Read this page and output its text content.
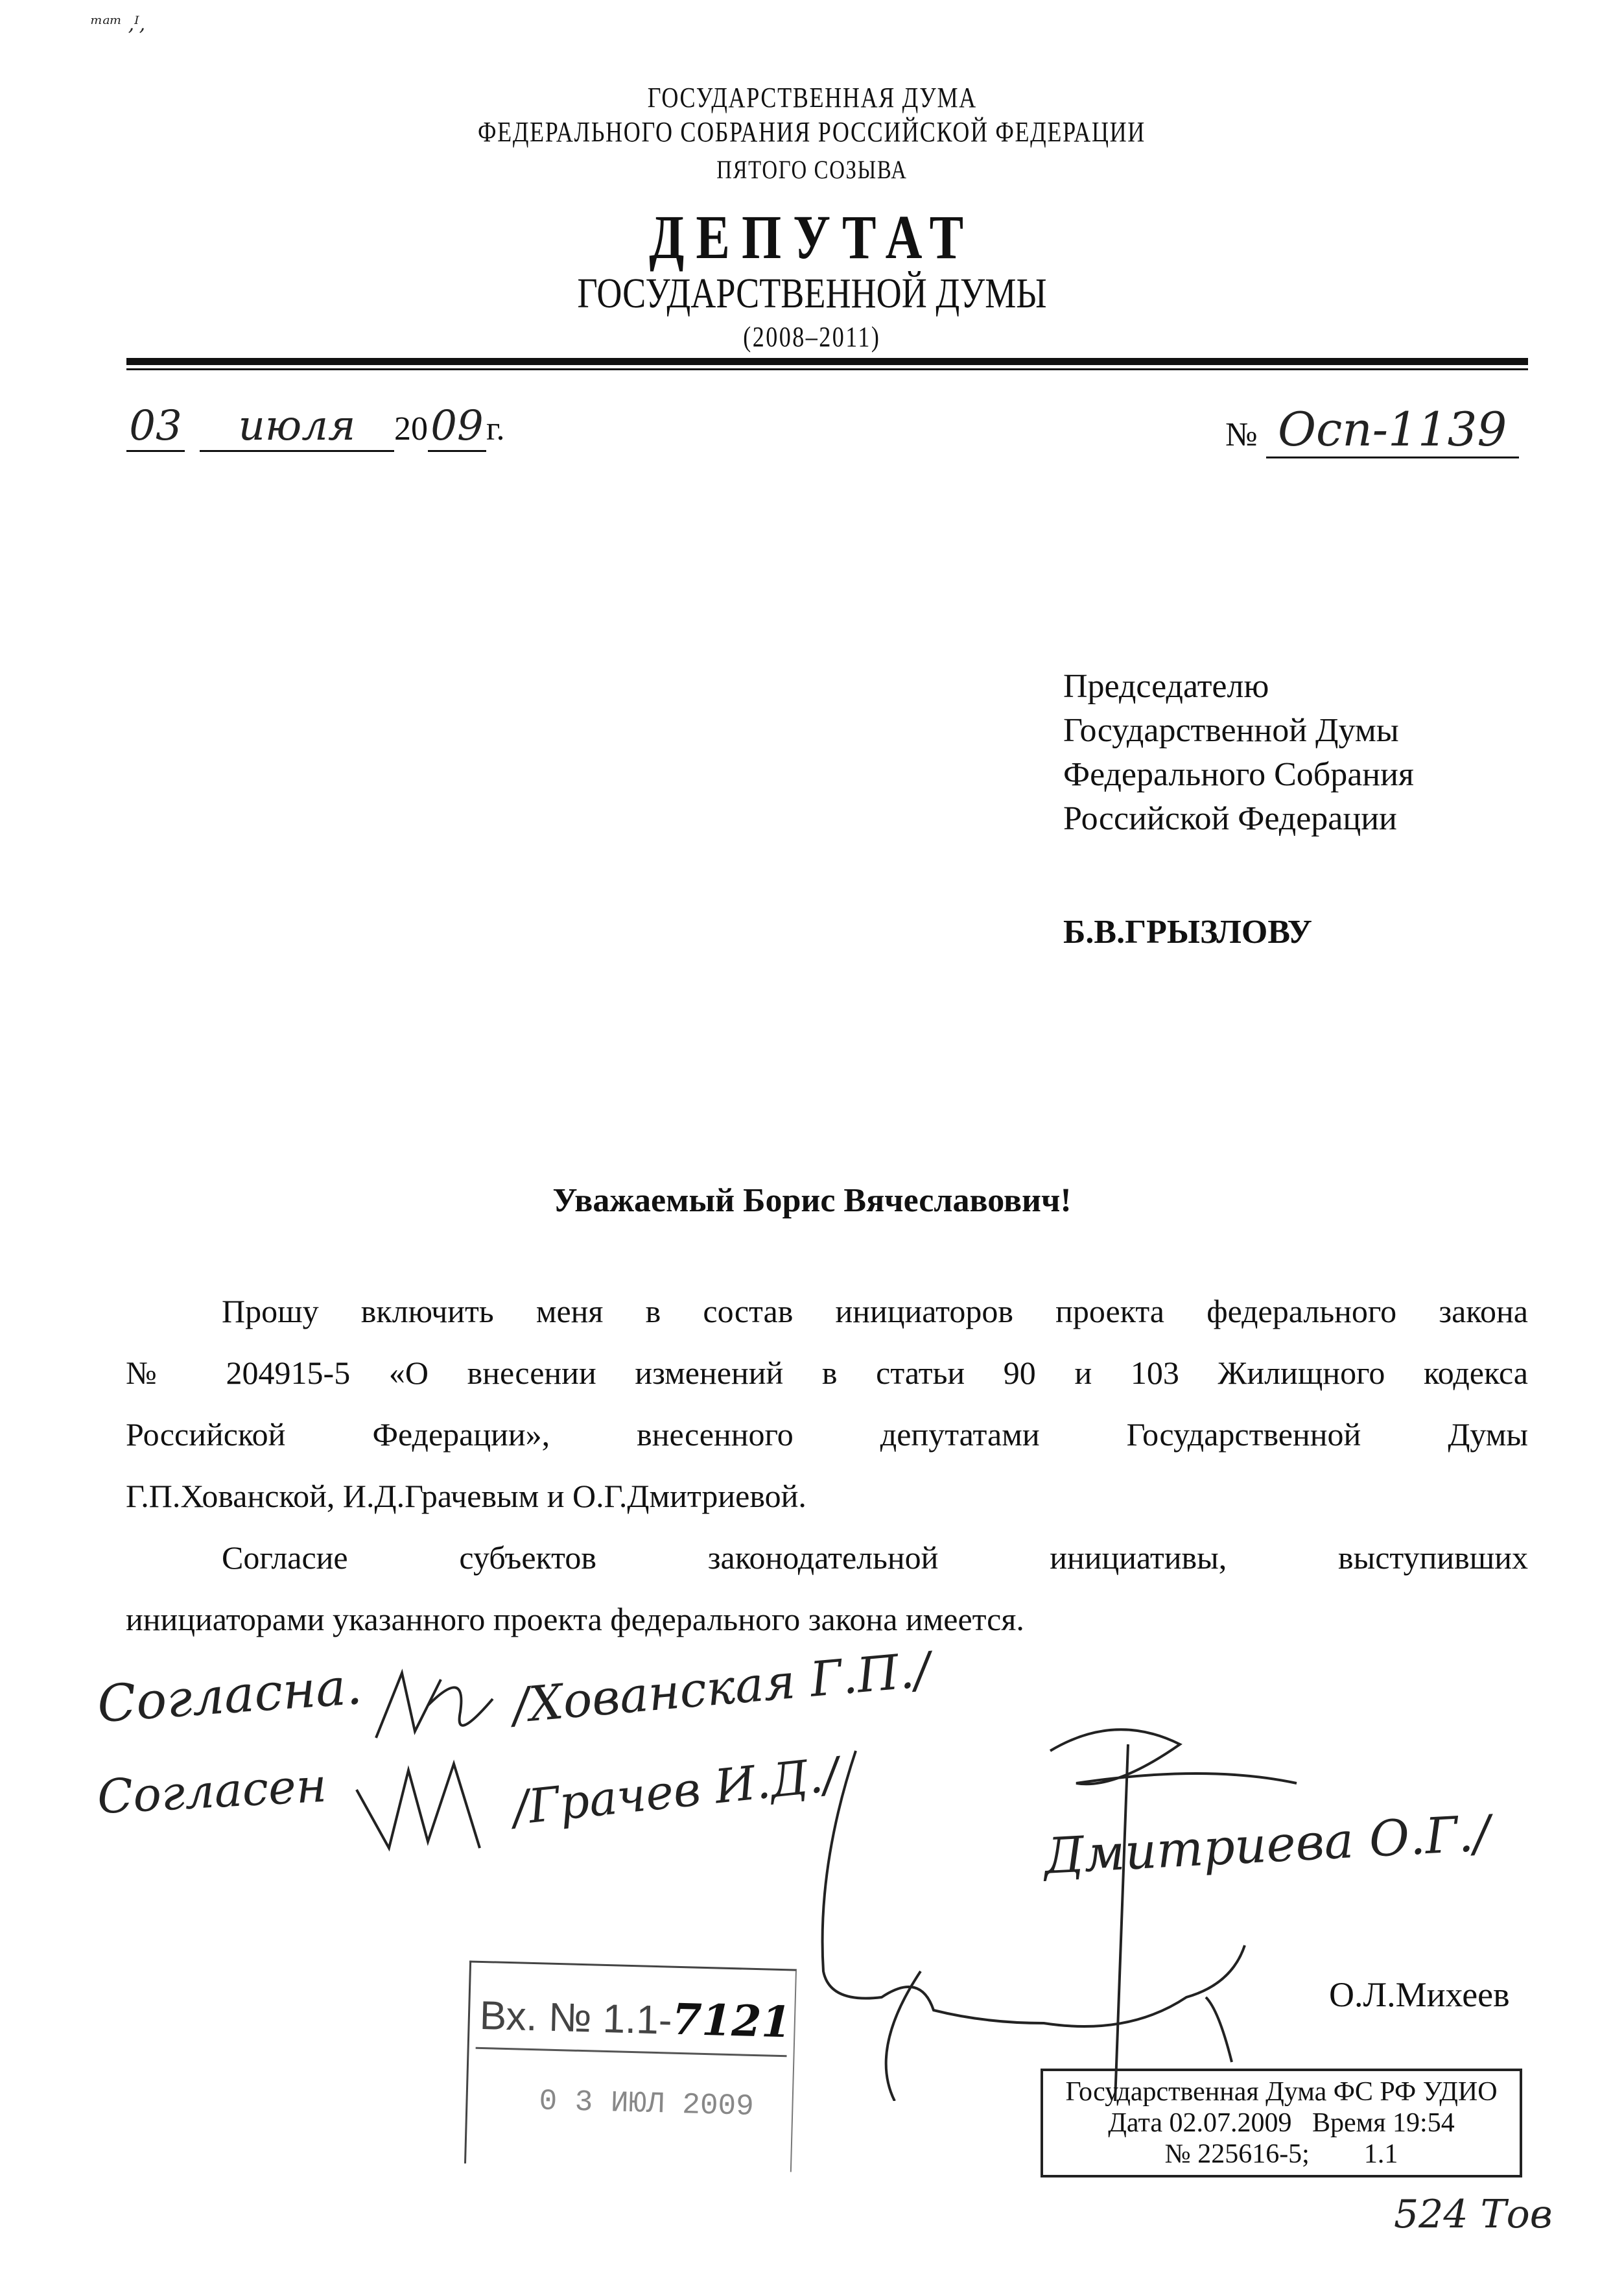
ᵐᵃᵐ ,ᴵ,
ГОСУДАРСТВЕННАЯ ДУМА
ФЕДЕРАЛЬНОГО СОБРАНИЯ РОССИЙСКОЙ ФЕДЕРАЦИИ
ПЯТОГО СОЗЫВА
ДЕПУТАТ
ГОСУДАРСТВЕННОЙ ДУМЫ
(2008–2011)
03 июля 2009г.	№ Осп-1139
Председателю
Государственной Думы
Федерального Собрания
Российской Федерации
Б.В.ГРЫЗЛОВУ
Уважаемый Борис Вячеславович!
Прошу включить меня в состав инициаторов проекта федерального закона
№ 204915-5 «О внесении изменений в статьи 90 и 103 Жилищного кодекса
Российской Федерации», внесенного депутатами Государственной Думы
Г.П.Хованской, И.Д.Грачевым и О.Г.Дмитриевой.
Согласие субъектов законодательной инициативы, выступивших
инициаторами указанного проекта федерального закона имеется.
Согласна.	/Хованская Г.П./
Согласен	/Грачев И.Д./
Дмитриева О.Г./
О.Л.Михеев
Вх. № 1.1-7121
0 3 ИЮЛ 2009	Государственная Дума ФС РФ УДИО
Дата 02.07.2009   Время 19:54
№ 225616-5;        1.1
524 Тов
